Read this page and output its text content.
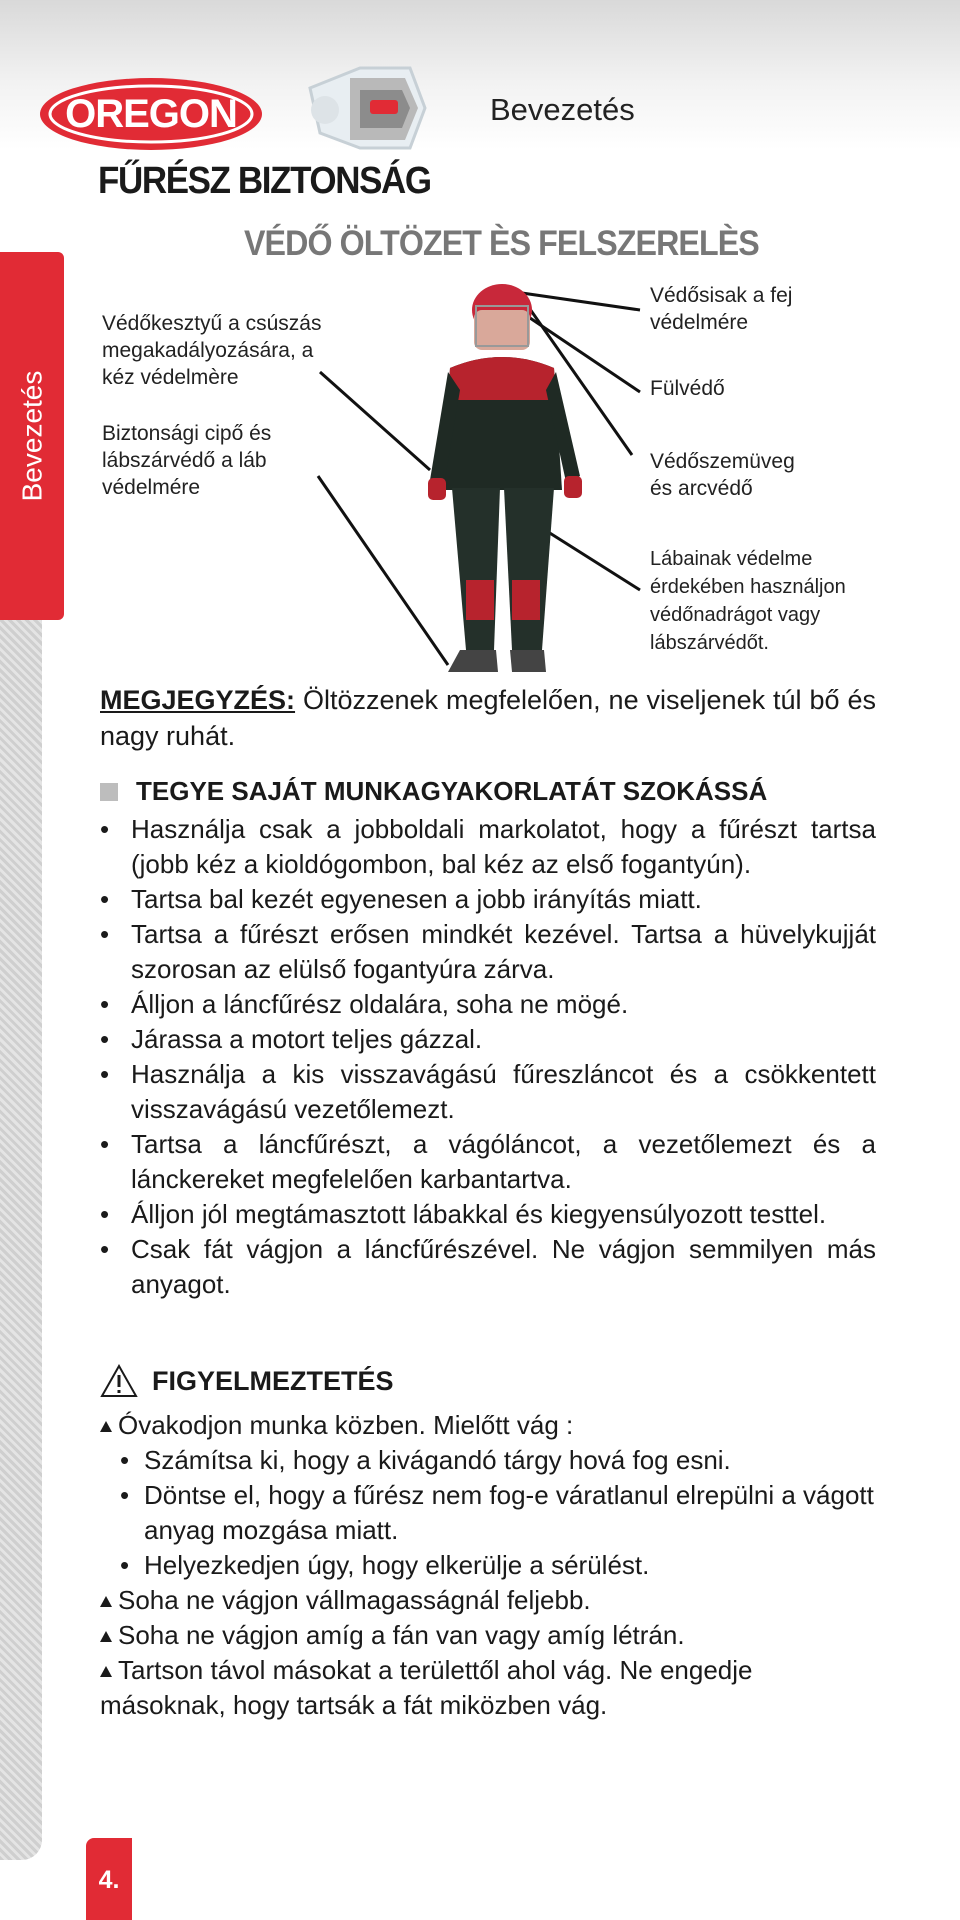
Bevezetés
OREGON	Bevezetés
FŰRÉSZ BIZTONSÁG
VÉDŐ ÖLTÖZET ÈS FELSZERELÈS
Védőkesztyű a csúszás
megakadályozására, a
kéz védelmère
Biztonsági cipő és
lábszárvédő a láb
védelmére
Védősisak a fej
védelmére
Fülvédő
Védőszemüveg
és arcvédő
Lábainak védelme
érdekében használjon
védőnadrágot vagy
lábszárvédőt.
MEGJEGYZÉS: Öltözzenek megfelelően, ne viseljenek túl bő és nagy ruhát.
TEGYE SAJÁT MUNKAGYAKORLATÁT SZOKÁSSÁ
• Használja csak a jobboldali markolatot, hogy a fűrészt tartsa (jobb kéz a kioldógombon, bal kéz az első fogantyún).
• Tartsa bal kezét egyenesen a jobb irányítás miatt.
• Tartsa a fűrészt erősen mindkét kezével. Tartsa a hüvelykujját szorosan az elülső fogantyúra zárva.
• Álljon a láncfűrész oldalára, soha ne mögé.
• Járassa a motort teljes gázzal.
• Használja a kis visszavágású fűreszláncot és a csökkentett visszavágású vezetőlemezt.
• Tartsa a láncfűrészt, a vágóláncot, a vezetőlemezt és a lánckereket megfelelően karbantartva.
• Álljon jól megtámasztott lábakkal és kiegyensúlyozott testtel.
• Csak fát vágjon a láncfűrészével. Ne vágjon semmilyen más anyagot.
FIGYELMEZTETÉS
Óvakodjon munka közben. Mielőtt vág :
• Számítsa ki, hogy a kivágandó tárgy hová fog esni.
• Döntse el, hogy a fűrész nem fog-e váratlanul elrepülni a vágott anyag mozgása miatt.
• Helyezkedjen úgy, hogy elkerülje a sérülést.
Soha ne vágjon vállmagasságnál feljebb.
Soha ne vágjon amíg a fán van vagy amíg létrán.
Tartson távol másokat a területtől ahol vág. Ne engedje másoknak, hogy tartsák a fát miközben vág.
4.
